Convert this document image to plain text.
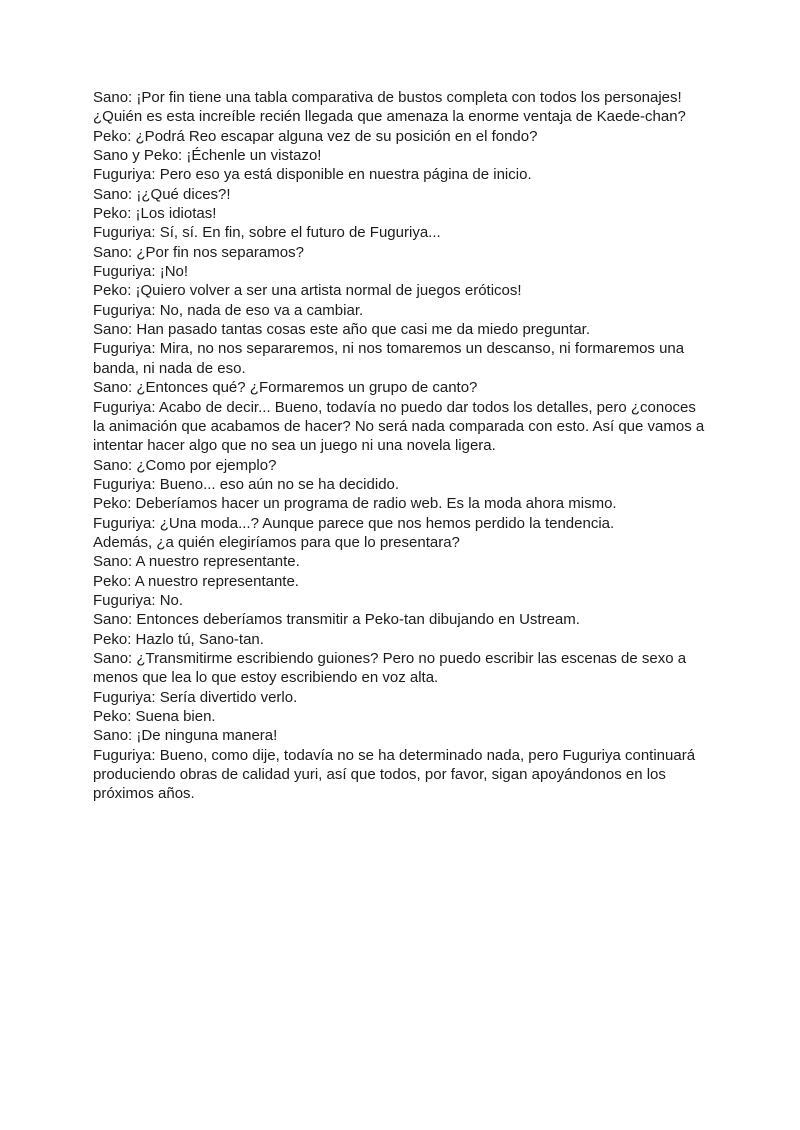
Sano: ¡Por fin tiene una tabla comparativa de bustos completa con todos los personajes!
¿Quién es esta increíble recién llegada que amenaza la enorme ventaja de Kaede-chan?
Peko: ¿Podrá Reo escapar alguna vez de su posición en el fondo?
Sano y Peko: ¡Échenle un vistazo!
Fuguriya: Pero eso ya está disponible en nuestra página de inicio.
Sano: ¡¿Qué dices?!
Peko: ¡Los idiotas!
Fuguriya: Sí, sí. En fin, sobre el futuro de Fuguriya...
Sano: ¿Por fin nos separamos?
Fuguriya: ¡No!
Peko: ¡Quiero volver a ser una artista normal de juegos eróticos!
Fuguriya: No, nada de eso va a cambiar.
Sano: Han pasado tantas cosas este año que casi me da miedo preguntar.
Fuguriya: Mira, no nos separaremos, ni nos tomaremos un descanso, ni formaremos una
banda, ni nada de eso.
Sano: ¿Entonces qué? ¿Formaremos un grupo de canto?
Fuguriya: Acabo de decir... Bueno, todavía no puedo dar todos los detalles, pero ¿conoces
la animación que acabamos de hacer? No será nada comparada con esto. Así que vamos a
intentar hacer algo que no sea un juego ni una novela ligera.
Sano: ¿Como por ejemplo?
Fuguriya: Bueno... eso aún no se ha decidido.
Peko: Deberíamos hacer un programa de radio web. Es la moda ahora mismo.
Fuguriya: ¿Una moda...? Aunque parece que nos hemos perdido la tendencia.
Además, ¿a quién elegiríamos para que lo presentara?
Sano: A nuestro representante.
Peko: A nuestro representante.
Fuguriya: No.
Sano: Entonces deberíamos transmitir a Peko-tan dibujando en Ustream.
Peko: Hazlo tú, Sano-tan.
Sano: ¿Transmitirme escribiendo guiones? Pero no puedo escribir las escenas de sexo a
menos que lea lo que estoy escribiendo en voz alta.
Fuguriya: Sería divertido verlo.
Peko: Suena bien.
Sano: ¡De ninguna manera!
Fuguriya: Bueno, como dije, todavía no se ha determinado nada, pero Fuguriya continuará
produciendo obras de calidad yuri, así que todos, por favor, sigan apoyándonos en los
próximos años.
